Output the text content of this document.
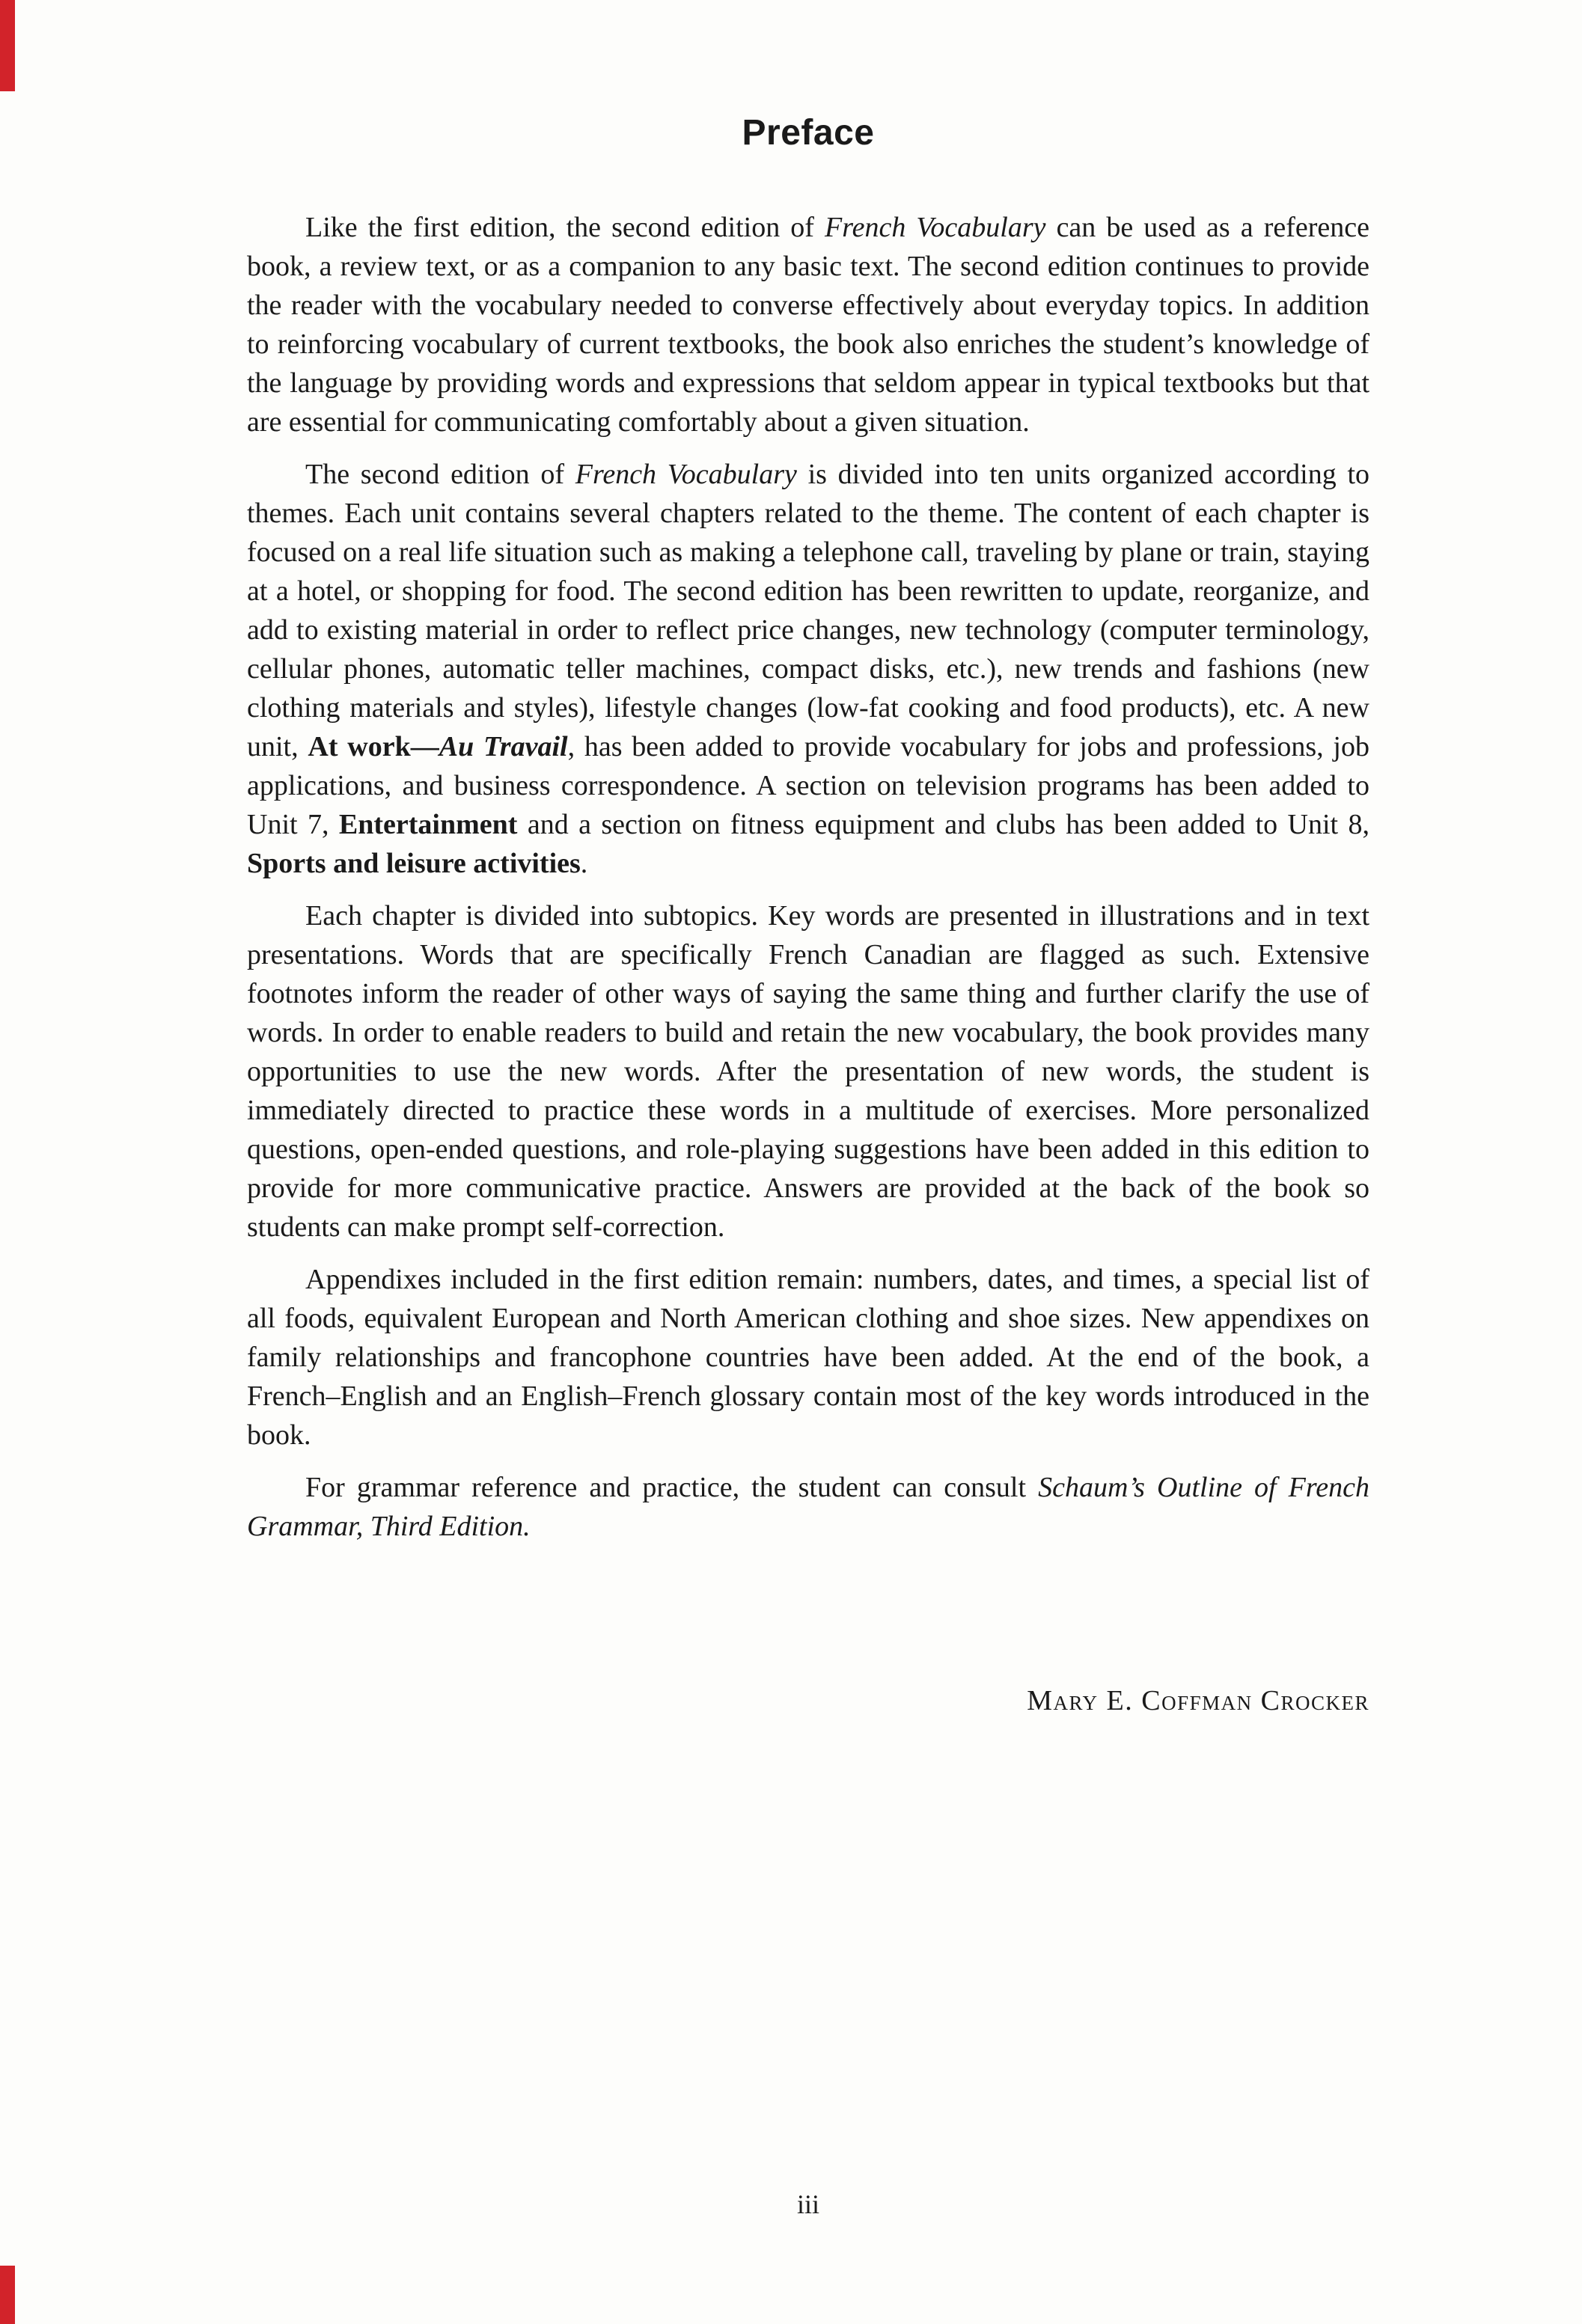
Preface

Like the first edition, the second edition of French Vocabulary can be used as a reference book, a review text, or as a companion to any basic text. The second edition continues to provide the reader with the vocabulary needed to converse effectively about everyday topics. In addition to reinforcing vocabulary of current textbooks, the book also enriches the student’s knowledge of the language by providing words and expressions that seldom appear in typical textbooks but that are essential for communicating comfortably about a given situation.

The second edition of French Vocabulary is divided into ten units organized according to themes. Each unit contains several chapters related to the theme. The content of each chapter is focused on a real life situation such as making a telephone call, traveling by plane or train, staying at a hotel, or shopping for food. The second edition has been rewritten to update, reorganize, and add to existing material in order to reflect price changes, new technology (computer terminology, cellular phones, automatic teller machines, compact disks, etc.), new trends and fashions (new clothing materials and styles), lifestyle changes (low-fat cooking and food products), etc. A new unit, At work—Au Travail, has been added to provide vocabulary for jobs and professions, job applications, and business correspondence. A section on television programs has been added to Unit 7, Entertainment and a section on fitness equipment and clubs has been added to Unit 8, Sports and leisure activities.

Each chapter is divided into subtopics. Key words are presented in illustrations and in text presentations. Words that are specifically French Canadian are flagged as such. Extensive footnotes inform the reader of other ways of saying the same thing and further clarify the use of words. In order to enable readers to build and retain the new vocabulary, the book provides many opportunities to use the new words. After the presentation of new words, the student is immediately directed to practice these words in a multitude of exercises. More personalized questions, open-ended questions, and role-playing suggestions have been added in this edition to provide for more communicative practice. Answers are provided at the back of the book so students can make prompt self-correction.

Appendixes included in the first edition remain: numbers, dates, and times, a special list of all foods, equivalent European and North American clothing and shoe sizes. New appendixes on family relationships and francophone countries have been added. At the end of the book, a French–English and an English–French glossary contain most of the key words introduced in the book.

For grammar reference and practice, the student can consult Schaum’s Outline of French Grammar, Third Edition.

Mary E. Coffman Crocker
iii
